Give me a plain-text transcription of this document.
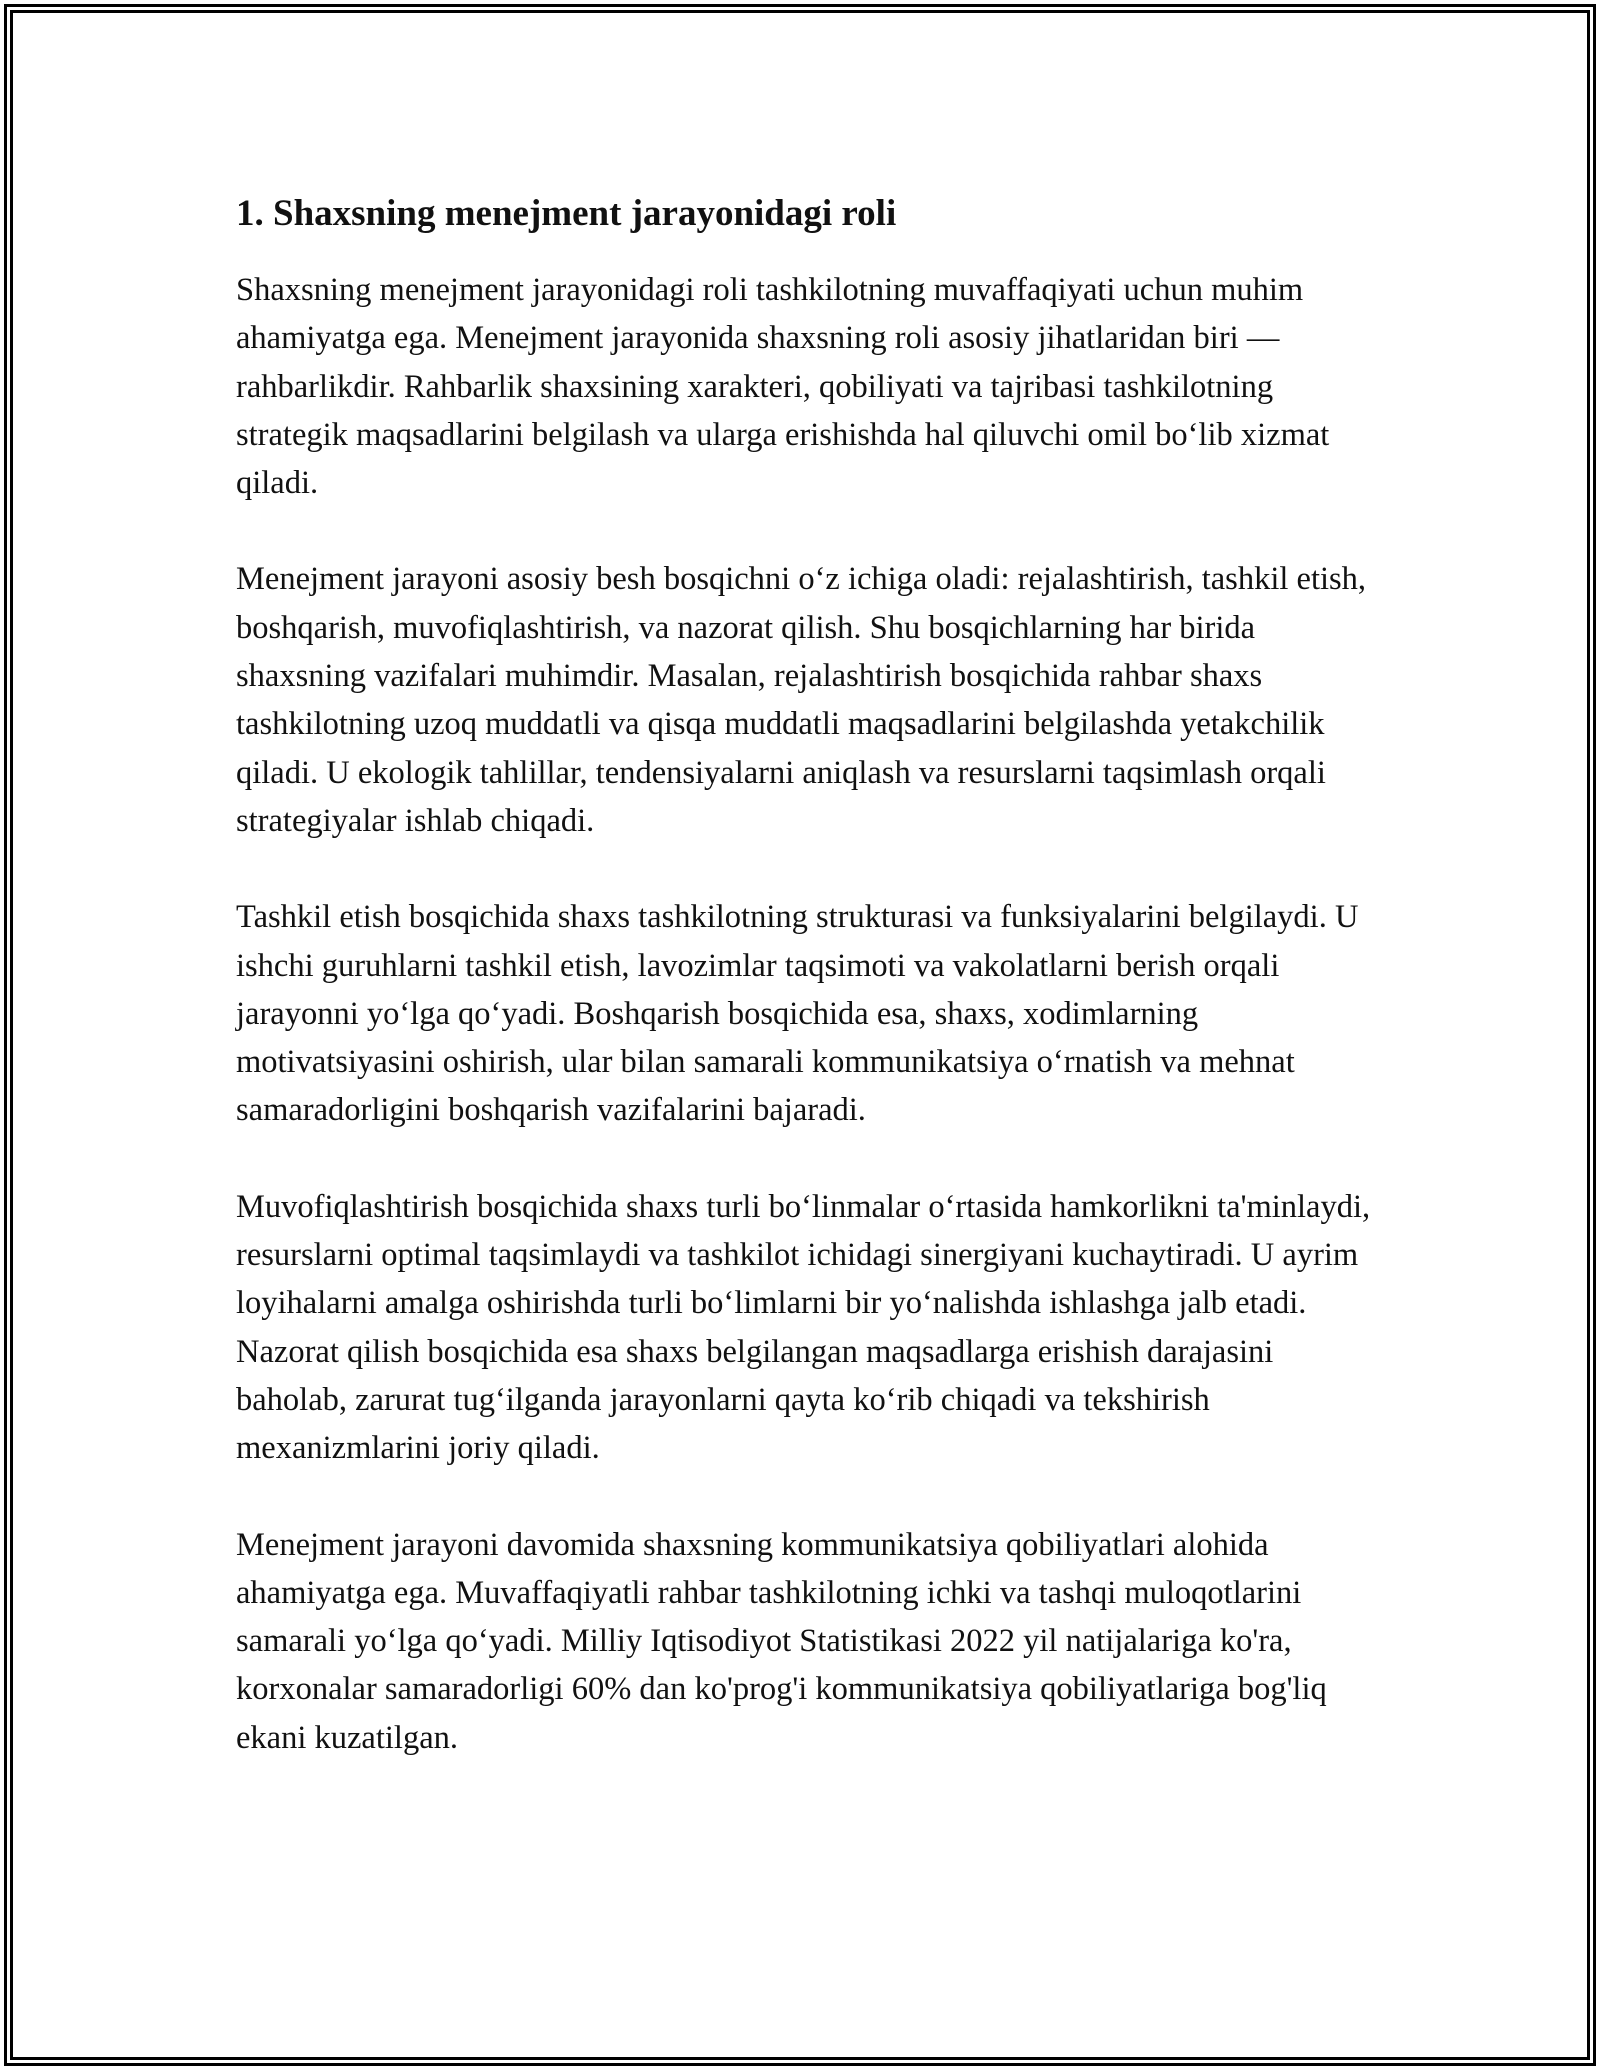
1. Shaxsning menejment jarayonidagi roli

Shaxsning menejment jarayonidagi roli tashkilotning muvaffaqiyati uchun muhim ahamiyatga ega. Menejment jarayonida shaxsning roli asosiy jihatlaridan biri — rahbarlikdir. Rahbarlik shaxsining xarakteri, qobiliyati va tajribasi tashkilotning strategik maqsadlarini belgilash va ularga erishishda hal qiluvchi omil bo‘lib xizmat qiladi.

Menejment jarayoni asosiy besh bosqichni o‘z ichiga oladi: rejalashtirish, tashkil etish, boshqarish, muvofiqlashtirish, va nazorat qilish. Shu bosqichlarning har birida shaxsning vazifalari muhimdir. Masalan, rejalashtirish bosqichida rahbar shaxs tashkilotning uzoq muddatli va qisqa muddatli maqsadlarini belgilashda yetakchilik qiladi. U ekologik tahlillar, tendensiyalarni aniqlash va resurslarni taqsimlash orqali strategiyalar ishlab chiqadi.

Tashkil etish bosqichida shaxs tashkilotning strukturasi va funksiyalarini belgilaydi. U ishchi guruhlarni tashkil etish, lavozimlar taqsimoti va vakolatlarni berish orqali jarayonni yo‘lga qo‘yadi. Boshqarish bosqichida esa, shaxs, xodimlarning motivatsiyasini oshirish, ular bilan samarali kommunikatsiya o‘rnatish va mehnat samaradorligini boshqarish vazifalarini bajaradi.

Muvofiqlashtirish bosqichida shaxs turli bo‘linmalar o‘rtasida hamkorlikni ta'minlaydi, resurslarni optimal taqsimlaydi va tashkilot ichidagi sinergiyani kuchaytiradi. U ayrim loyihalarni amalga oshirishda turli bo‘limlarni bir yo‘nalishda ishlashga jalb etadi. Nazorat qilish bosqichida esa shaxs belgilangan maqsadlarga erishish darajasini baholab, zarurat tug‘ilganda jarayonlarni qayta ko‘rib chiqadi va tekshirish mexanizmlarini joriy qiladi.

Menejment jarayoni davomida shaxsning kommunikatsiya qobiliyatlari alohida ahamiyatga ega. Muvaffaqiyatli rahbar tashkilotning ichki va tashqi muloqotlarini samarali yo‘lga qo‘yadi. Milliy Iqtisodiyot Statistikasi 2022 yil natijalariga ko'ra, korxonalar samaradorligi 60% dan ko'prog'i kommunikatsiya qobiliyatlariga bog'liq ekani kuzatilgan.
